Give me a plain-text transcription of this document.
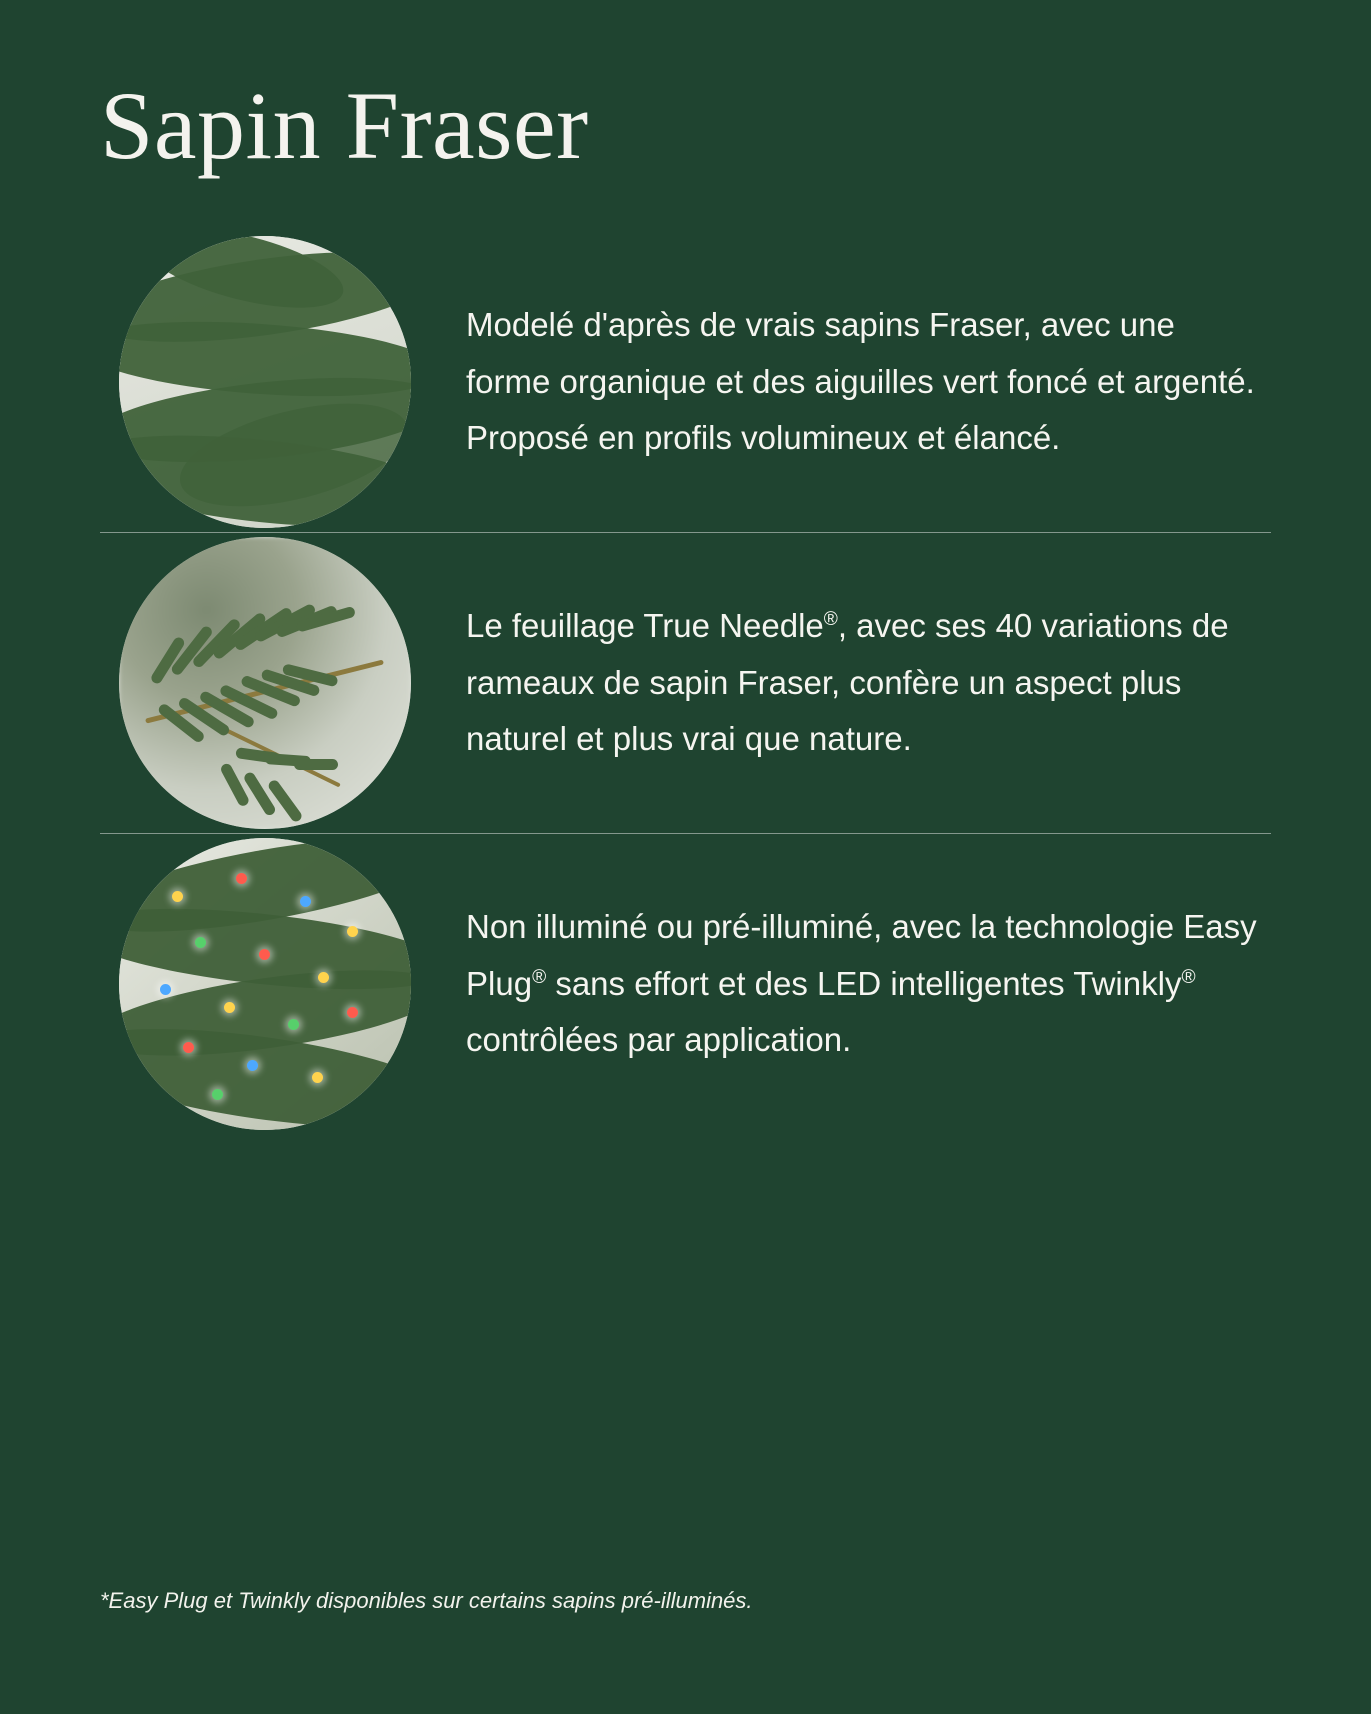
Sapin Fraser
Modelé d'après de vrais sapins Fraser, avec une forme organique et des aiguilles vert foncé et argenté. Proposé en profils volumineux et élancé.
Le feuillage True Needle®, avec ses 40 variations de rameaux de sapin Fraser, confère un aspect plus naturel et plus vrai que nature.
Non illuminé ou pré-illuminé, avec la technologie Easy Plug® sans effort et des LED intelligentes Twinkly® contrôlées par application.
*Easy Plug et Twinkly disponibles sur certains sapins pré-illuminés.
